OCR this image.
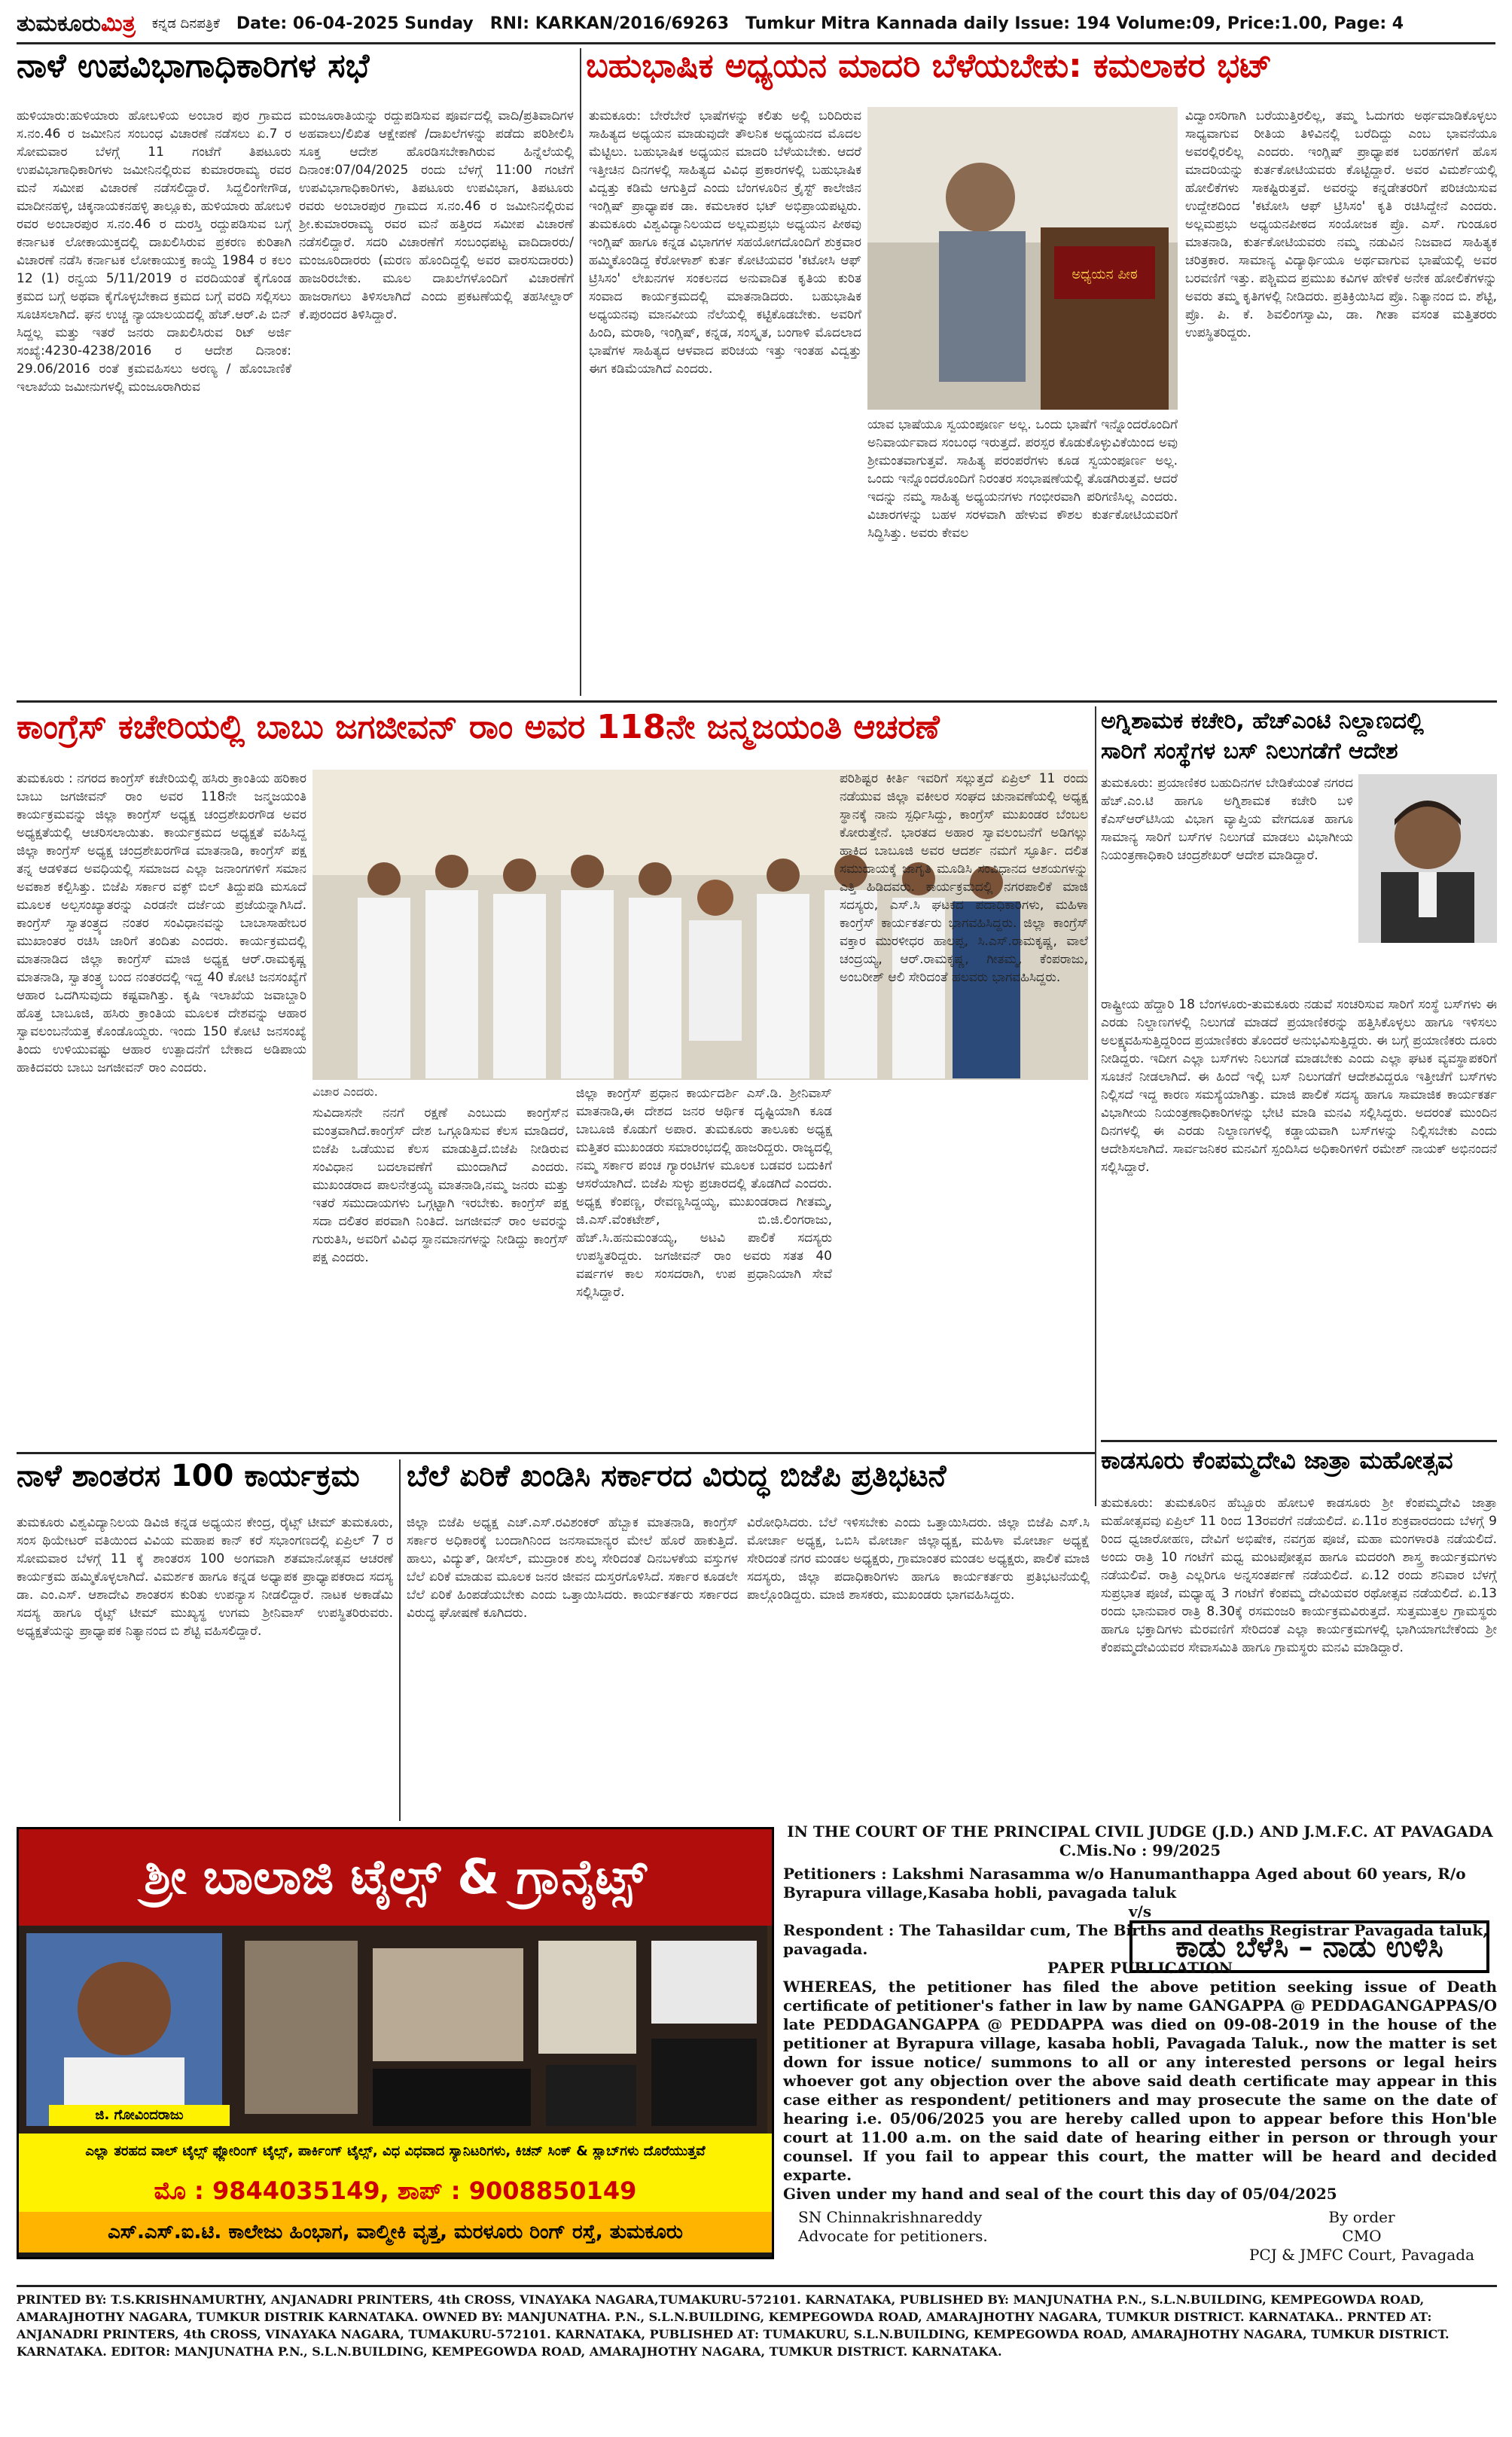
ತುಮಕೂರುಮಿತ್ರ ಕನ್ನಡ ದಿನಪತ್ರಿಕೆ Date: 06-04-2025 Sunday RNI: KARKAN/2016/69263 Tumkur Mitra Kannada daily Issue: 194 Volume:09, Price:1.00, Page: 4
ನಾಳೆ ಉಪವಿಭಾಗಾಧಿಕಾರಿಗಳ ಸಭೆ
ಹುಳಿಯಾರು:ಹುಳಿಯಾರು ಹೋಬಳಿಯ ಅಂಬಾರ ಪುರ ಗ್ರಾಮದ ಸ.ನಂ.46 ರ ಜಮೀನಿನ ಸಂಬಂಧ ವಿಚಾರಣೆ ನಡೆಸಲು ಏ.7 ರ ಸೋಮವಾರ ಬೆಳಗ್ಗೆ 11 ಗಂಟೆಗೆ ತಿಪಟೂರು ಉಪವಿಭಾಗಾಧಿಕಾರಿಗಳು ಜಮೀನಿನಲ್ಲಿರುವ ಕುಮಾರರಾಮ್ಯ ರವರ ಮನೆ ಸಮೀಪ ವಿಚಾರಣೆ ನಡೆಸಲಿದ್ದಾರೆ. ಸಿದ್ದಲಿಂಗೇಗೌಡ, ಮಾದೀನಹಳ್ಳಿ, ಚಿಕ್ಕನಾಯಕನಹಳ್ಳಿ ತಾಲ್ಲೂಕು, ಹುಳಿಯಾರು ಹೋಬಳಿ ರವರ ಅಂಬಾರಪುರ ಸ.ನಂ.46 ರ ದುರಸ್ತಿ ರದ್ದುಪಡಿಸುವ ಬಗ್ಗೆ ಕರ್ನಾಟಕ ಲೋಕಾಯುಕ್ತದಲ್ಲಿ ದಾಖಲಿಸಿರುವ ಪ್ರಕರಣ ಕುರಿತಾಗಿ ವಿಚಾರಣೆ ನಡೆಸಿ ಕರ್ನಾಟಕ ಲೋಕಾಯುಕ್ತ ಕಾಯ್ದೆ 1984 ರ ಕಲಂ 12 (1) ರನ್ವಯ 5/11/2019 ರ ವರದಿಯಂತೆ ಕೈಗೊಂಡ ಕ್ರಮದ ಬಗ್ಗೆ ಅಥವಾ ಕೈಗೊಳ್ಳಬೇಕಾದ ಕ್ರಮದ ಬಗ್ಗೆ ವರದಿ ಸಲ್ಲಿಸಲು ಸೂಚಿಸಲಾಗಿದೆ. ಘನ ಉಚ್ಚ ನ್ಯಾಯಾಲಯದಲ್ಲಿ ಹೆಚ್.ಆರ್.ಪಿ ಬಿನ್ ಸಿದ್ದಲ್ಲ ಮತ್ತು ಇತರೆ ಜನರು ದಾಖಲಿಸಿರುವ ರಿಟ್ ಅರ್ಜಿ ಸಂಖ್ಯೆ:4230-4238/2016 ರ ಆದೇಶ ದಿನಾಂಕ: 29.06/2016 ರಂತೆ ಕ್ರಮವಹಿಸಲು ಅರಣ್ಯ / ಹೊಂಬಾಣಿಕೆ ಇಲಾಖೆಯ ಜಮೀನುಗಳಲ್ಲಿ ಮಂಜೂರಾಗಿರುವ
ಮಂಜೂರಾತಿಯನ್ನು ರದ್ದುಪಡಿಸುವ ಪೂರ್ವದಲ್ಲಿ ವಾದಿ/ಪ್ರತಿವಾದಿಗಳ ಅಹವಾಲು/ಲಿಖಿತ ಆಕ್ಷೇಪಣೆ /ದಾಖಲೆಗಳನ್ನು ಪಡೆದು ಪರಿಶೀಲಿಸಿ ಸೂಕ್ತ ಆದೇಶ ಹೊರಡಿಸಬೇಕಾಗಿರುವ ಹಿನ್ನೆಲೆಯಲ್ಲಿ ದಿನಾಂಕ:07/04/2025 ರಂದು ಬೆಳಗ್ಗೆ 11:00 ಗಂಟೆಗೆ ಉಪವಿಭಾಗಾಧಿಕಾರಿಗಳು, ತಿಪಟೂರು ಉಪವಿಭಾಗ, ತಿಪಟೂರು ರವರು ಅಂಬಾರಪುರ ಗ್ರಾಮದ ಸ.ನಂ.46 ರ ಜಮೀನಿನಲ್ಲಿರುವ ಶ್ರೀ.ಕುಮಾರರಾಮ್ಯ ರವರ ಮನೆ ಹತ್ತಿರದ ಸಮೀಪ ವಿಚಾರಣೆ ನಡೆಸಲಿದ್ದಾರೆ. ಸದರಿ ವಿಚಾರಣೆಗೆ ಸಂಬಂಧಪಟ್ಟ ವಾದಿದಾರರು/ಮಂಜೂರಿದಾರರು (ಮರಣ ಹೊಂದಿದ್ದಲ್ಲಿ ಅವರ ವಾರಸುದಾರರು) ಹಾಜರಿರಬೇಕು. ಮೂಲ ದಾಖಲೆಗಳೊಂದಿಗೆ ವಿಚಾರಣೆಗೆ ಹಾಜರಾಗಲು ತಿಳಿಸಲಾಗಿದೆ ಎಂದು ಪ್ರಕಟಣೆಯಲ್ಲಿ ತಹಸೀಲ್ದಾರ್ ಕೆ.ಪುರಂದರ ತಿಳಿಸಿದ್ದಾರೆ.
ಬಹುಭಾಷಿಕ ಅಧ್ಯಯನ ಮಾದರಿ ಬೆಳೆಯಬೇಕು: ಕಮಲಾಕರ ಭಟ್
ತುಮಕೂರು: ಬೇರೆಬೇರೆ ಭಾಷೆಗಳನ್ನು ಕಲಿತು ಅಲ್ಲಿ ಬರಿದಿರುವ ಸಾಹಿತ್ಯದ ಅಧ್ಯಯನ ಮಾಡುವುದೇ ತೌಲನಿಕ ಅಧ್ಯಯನದ ಮೊದಲ ಮೆಟ್ಟಿಲು. ಬಹುಭಾಷಿಕ ಅಧ್ಯಯನ ಮಾದರಿ ಬೆಳೆಯಬೇಕು. ಆದರೆ ಇತ್ತೀಚಿನ ದಿನಗಳಲ್ಲಿ ಸಾಹಿತ್ಯದ ವಿವಿಧ ಪ್ರಕಾರಗಳಲ್ಲಿ ಬಹುಭಾಷಿಕ ವಿದ್ವತ್ತು ಕಡಿಮೆ ಆಗುತ್ತಿದೆ ಎಂದು ಬೆಂಗಳೂರಿನ ಕ್ರೈಸ್ಟ್ ಕಾಲೇಜಿನ ಇಂಗ್ಲಿಷ್ ಪ್ರಾಧ್ಯಾಪಕ ಡಾ. ಕಮಲಾಕರ ಭಟ್ ಅಭಿಪ್ರಾಯಪಟ್ಟರು. ತುಮಕೂರು ವಿಶ್ವವಿದ್ಯಾನಿಲಯದ ಅಲ್ಲಮಪ್ರಭು ಅಧ್ಯಯನ ಪೀಠವು ಇಂಗ್ಲಿಷ್ ಹಾಗೂ ಕನ್ನಡ ವಿಭಾಗಗಳ ಸಹಯೋಗದೊಂದಿಗೆ ಶುಕ್ರವಾರ ಹಮ್ಮಿಕೊಂಡಿದ್ದ ಕೆರೋಳಾಶ್ ಕುರ್ತ ಕೋಟಿಯವರ 'ಕಟೋಸಿ ಆಫ್ ಟ್ರಿಸಿಸಂ' ಲೇಖನಗಳ ಸಂಕಲನದ ಅನುವಾದಿತ ಕೃತಿಯ ಕುರಿತ ಸಂವಾದ ಕಾರ್ಯಕ್ರಮದಲ್ಲಿ ಮಾತನಾಡಿದರು. ಬಹುಭಾಷಿಕ ಅಧ್ಯಯನವು ಮಾನವೀಯ ನೆಲೆಯಲ್ಲಿ ಕಟ್ಟಿಕೊಡಬೇಕು. ಅವರಿಗೆ ಹಿಂದಿ, ಮರಾಠಿ, ಇಂಗ್ಲಿಷ್, ಕನ್ನಡ, ಸಂಸ್ಕೃತ, ಬಂಗಾಳಿ ಮೊದಲಾದ ಭಾಷೆಗಳ ಸಾಹಿತ್ಯದ ಆಳವಾದ ಪರಿಚಯ ಇತ್ತು ಇಂತಹ ವಿದ್ವತ್ತು ಈಗ ಕಡಿಮೆಯಾಗಿದೆ ಎಂದರು.
ಅಧ್ಯಯನ ಪೀಠ
ಯಾವ ಭಾಷೆಯೂ ಸ್ವಯಂಪೂರ್ಣ ಅಲ್ಲ. ಒಂದು ಭಾಷೆಗೆ ಇನ್ನೊಂದರೊಂದಿಗೆ ಅನಿವಾರ್ಯವಾದ ಸಂಬಂಧ ಇರುತ್ತದೆ. ಪರಸ್ಪರ ಕೊಡುಕೊಳ್ಳುವಿಕೆಯಿಂದ ಅವು ಶ್ರೀಮಂತವಾಗುತ್ತವೆ. ಸಾಹಿತ್ಯ ಪರಂಪರೆಗಳು ಕೂಡ ಸ್ವಯಂಪೂರ್ಣ ಅಲ್ಲ. ಒಂದು ಇನ್ನೊಂದರೊಂದಿಗೆ ನಿರಂತರ ಸಂಭಾಷಣೆಯಲ್ಲಿ ತೊಡಗಿರುತ್ತವೆ. ಆದರೆ ಇದನ್ನು ನಮ್ಮ ಸಾಹಿತ್ಯ ಅಧ್ಯಯನಗಳು ಗಂಭೀರವಾಗಿ ಪರಿಗಣಿಸಿಲ್ಲ ಎಂದರು. ವಿಚಾರಗಳನ್ನು ಬಹಳ ಸರಳವಾಗಿ ಹೇಳುವ ಕೌಶಲ ಕುರ್ತಕೋಟಿಯವರಿಗೆ ಸಿದ್ಧಿಸಿತ್ತು. ಅವರು ಕೇವಲ
ವಿದ್ವಾಂಸರಿಗಾಗಿ ಬರೆಯುತ್ತಿರಲಿಲ್ಲ, ತಮ್ಮ ಓದುಗರು ಅರ್ಥಮಾಡಿಕೊಳ್ಳಲು ಸಾಧ್ಯವಾಗುವ ರೀತಿಯ ತಿಳಿವಿನಲ್ಲಿ ಬರೆದಿದ್ದು ಎಂಬ ಭಾವನೆಯೂ ಅವರಲ್ಲಿರಲಿಲ್ಲ ಎಂದರು. ಇಂಗ್ಲಿಷ್ ಪ್ರಾಧ್ಯಾಪಕ ಬರಹಗಳಿಗೆ ಹೊಸ ಮಾದರಿಯನ್ನು ಕುರ್ತಕೋಟಿಯವರು ಕೊಟ್ಟಿದ್ದಾರೆ. ಅವರ ವಿಮರ್ಶೆಯಲ್ಲಿ ಹೋಲಿಕೆಗಳು ಸಾಕಷ್ಟಿರುತ್ತವೆ. ಅವರನ್ನು ಕನ್ನಡೇತರರಿಗೆ ಪರಿಚಯಿಸುವ ಉದ್ದೇಶದಿಂದ 'ಕಟೋಸಿ ಆಫ್ ಟ್ರಿಸಿಸಂ' ಕೃತಿ ರಚಿಸಿದ್ದೇನೆ ಎಂದರು. ಅಲ್ಲಮಪ್ರಭು ಅಧ್ಯಯನಪೀಠದ ಸಂಯೋಜಕ ಪ್ರೊ. ಎಸ್. ಗುಂಡೂರ ಮಾತನಾಡಿ, ಕುರ್ತಕೋಟಿಯವರು ನಮ್ಮ ನಡುವಿನ ನಿಜವಾದ ಸಾಹಿತ್ಯಕ ಚರಿತ್ರಕಾರ. ಸಾಮಾನ್ಯ ವಿದ್ಯಾರ್ಥಿಯೂ ಅರ್ಥವಾಗುವ ಭಾಷೆಯಲ್ಲಿ ಅವರ ಬರವಣಿಗೆ ಇತ್ತು. ಪಶ್ಚಿಮದ ಪ್ರಮುಖ ಕವಿಗಳ ಹೇಳಿಕೆ ಅನೇಕ ಹೋಲಿಕೆಗಳನ್ನು ಅವರು ತಮ್ಮ ಕೃತಿಗಳಲ್ಲಿ ನೀಡಿದರು. ಪ್ರತಿಕ್ರಿಯಿಸಿದ ಪ್ರೊ. ನಿತ್ಯಾನಂದ ಬಿ. ಶೆಟ್ಟಿ, ಪ್ರೊ. ಪಿ. ಕೆ. ಶಿವಲಿಂಗಸ್ವಾಮಿ, ಡಾ. ಗೀತಾ ವಸಂತ ಮತ್ತಿತರರು ಉಪಸ್ಥಿತರಿದ್ದರು.
ಕಾಂಗ್ರೆಸ್ ಕಚೇರಿಯಲ್ಲಿ ಬಾಬು ಜಗಜೀವನ್ ರಾಂ ಅವರ 118ನೇ ಜನ್ಮಜಯಂತಿ ಆಚರಣೆ
ತುಮಕೂರು : ನಗರದ ಕಾಂಗ್ರೆಸ್ ಕಚೇರಿಯಲ್ಲಿ ಹಸಿರು ಕ್ರಾಂತಿಯ ಹರಿಕಾರ ಬಾಬು ಜಗಜೀವನ್ ರಾಂ ಅವರ 118ನೇ ಜನ್ಮಜಯಂತಿ ಕಾರ್ಯಕ್ರಮವನ್ನು ಜಿಲ್ಲಾ ಕಾಂಗ್ರೆಸ್ ಅಧ್ಯಕ್ಷ ಚಂದ್ರಶೇಖರಗೌಡ ಅವರ ಅಧ್ಯಕ್ಷತೆಯಲ್ಲಿ ಆಚರಿಸಲಾಯಿತು. ಕಾರ್ಯಕ್ರಮದ ಅಧ್ಯಕ್ಷತೆ ವಹಿಸಿದ್ದ ಜಿಲ್ಲಾ ಕಾಂಗ್ರೆಸ್ ಅಧ್ಯಕ್ಷ ಚಂದ್ರಶೇಖರಗೌಡ ಮಾತನಾಡಿ, ಕಾಂಗ್ರೆಸ್ ಪಕ್ಷ ತನ್ನ ಆಡಳಿತದ ಅವಧಿಯಲ್ಲಿ ಸಮಾಜದ ಎಲ್ಲಾ ಜನಾಂಗಗಳಿಗೆ ಸಮಾನ ಅವಕಾಶ ಕಲ್ಪಿಸಿತ್ತು. ಬಿಜೆಪಿ ಸರ್ಕಾರ ವಕ್ಫ್ ಬಿಲ್ ತಿದ್ದುಪಡಿ ಮಸೂದೆ ಮೂಲಕ ಅಲ್ಪಸಂಖ್ಯಾತರನ್ನು ಎರಡನೇ ದರ್ಜೆಯ ಪ್ರಜೆಯನ್ನಾಗಿಸಿದೆ. ಕಾಂಗ್ರೆಸ್ ಸ್ವಾತಂತ್ರ್ಯದ ನಂತರ ಸಂವಿಧಾನವನ್ನು ಬಾಬಾಸಾಹೇಬರ ಮುಖಾಂತರ ರಚಿಸಿ ಜಾರಿಗೆ ತಂದಿತು ಎಂದರು. ಕಾರ್ಯಕ್ರಮದಲ್ಲಿ ಮಾತನಾಡಿದ ಜಿಲ್ಲಾ ಕಾಂಗ್ರೆಸ್ ಮಾಜಿ ಅಧ್ಯಕ್ಷ ಆರ್.ರಾಮಕೃಷ್ಣ ಮಾತನಾಡಿ, ಸ್ವಾತಂತ್ರ್ಯ ಬಂದ ನಂತರದಲ್ಲಿ ಇದ್ದ 40 ಕೋಟಿ ಜನಸಂಖ್ಯೆಗೆ ಆಹಾರ ಒದಗಿಸುವುದು ಕಷ್ಟವಾಗಿತ್ತು. ಕೃಷಿ ಇಲಾಖೆಯ ಜವಾಬ್ದಾರಿ ಹೊತ್ತ ಬಾಬೂಜಿ, ಹಸಿರು ಕ್ರಾಂತಿಯ ಮೂಲಕ ದೇಶವನ್ನು ಆಹಾರ ಸ್ವಾವಲಂಬನೆಯತ್ತ ಕೊಂಡೊಯ್ದರು. ಇಂದು 150 ಕೋಟಿ ಜನಸಂಖ್ಯೆ ತಿಂದು ಉಳಿಯುವಷ್ಟು ಆಹಾರ ಉತ್ಪಾದನೆಗೆ ಬೇಕಾದ ಅಡಿಪಾಯ ಹಾಕಿದವರು ಬಾಬು ಜಗಜೀವನ್ ರಾಂ ಎಂದರು.
ವಿಚಾರ ಎಂದರು.
ಸುವಿದಾಸನೇ ನನಗೆ ರಕ್ಷಣೆ ಎಂಬುದು ಕಾಂಗ್ರೆಸ್‌ನ ಮಂತ್ರವಾಗಿದೆ.ಕಾಂಗ್ರೆಸ್ ದೇಶ ಒಗ್ಗೂಡಿಸುವ ಕೆಲಸ ಮಾಡಿದರೆ, ಬಿಜೆಪಿ ಒಡೆಯುವ ಕೆಲಸ ಮಾಡುತ್ತಿದೆ.ಬಿಜೆಪಿ ನೀಡಿರುವ ಸಂವಿಧಾನ ಬದಲಾವಣೆಗೆ ಮುಂದಾಗಿದೆ ಎಂದರು. ಮುಖಂಡರಾದ ಪಾಲನೇತ್ರಯ್ಯ ಮಾತನಾಡಿ,ನಮ್ಮ ಜನರು ಮತ್ತು ಇತರೆ ಸಮುದಾಯಗಳು ಒಗ್ಗಟ್ಟಾಗಿ ಇರಬೇಕು. ಕಾಂಗ್ರೆಸ್ ಪಕ್ಷ ಸದಾ ದಲಿತರ ಪರವಾಗಿ ನಿಂತಿದೆ. ಜಗಜೀವನ್ ರಾಂ ಅವರನ್ನು ಗುರುತಿಸಿ, ಅವರಿಗೆ ವಿವಿಧ ಸ್ಥಾನಮಾನಗಳನ್ನು ನೀಡಿದ್ದು ಕಾಂಗ್ರೆಸ್ ಪಕ್ಷ ಎಂದರು.
ಜಿಲ್ಲಾ ಕಾಂಗ್ರೆಸ್ ಪ್ರಧಾನ ಕಾರ್ಯದರ್ಶಿ ಎಸ್.ಡಿ. ಶ್ರೀನಿವಾಸ್ ಮಾತನಾಡಿ,ಈ ದೇಶದ ಜನರ ಆರ್ಥಿಕ ದೃಷ್ಟಿಯಾಗಿ ಕೂಡ ಬಾಬೂಜಿ ಕೊಡುಗೆ ಅಪಾರ. ತುಮಕೂರು ತಾಲೂಕು ಅಧ್ಯಕ್ಷ ಮತ್ತಿತರ ಮುಖಂಡರು ಸಮಾರಂಭದಲ್ಲಿ ಹಾಜರಿದ್ದರು. ರಾಜ್ಯದಲ್ಲಿ ನಮ್ಮ ಸರ್ಕಾರ ಪಂಚ ಗ್ಯಾರಂಟಿಗಳ ಮೂಲಕ ಬಡವರ ಬದುಕಿಗೆ ಆಸರೆಯಾಗಿದೆ. ಬಿಜೆಪಿ ಸುಳ್ಳು ಪ್ರಚಾರದಲ್ಲಿ ತೊಡಗಿದೆ ಎಂದರು. ಅಧ್ಯಕ್ಷ ಕೆಂಪಣ್ಣ, ರೇವಣ್ಣಸಿದ್ದಯ್ಯ, ಮುಖಂಡರಾದ ಗೀತಮ್ಮ, ಜಿ.ಎಸ್.ವೆಂಕಟೇಶ್, ಬಿ.ಜಿ.ಲಿಂಗರಾಜು, ಹೆಚ್.ಸಿ.ಹನುಮಂತಯ್ಯ, ಅಟವಿ ಪಾಲಿಕೆ ಸದಸ್ಯರು ಉಪಸ್ಥಿತರಿದ್ದರು. ಜಗಜೀವನ್ ರಾಂ ಅವರು ಸತತ 40 ವರ್ಷಗಳ ಕಾಲ ಸಂಸದರಾಗಿ, ಉಪ ಪ್ರಧಾನಿಯಾಗಿ ಸೇವೆ ಸಲ್ಲಿಸಿದ್ದಾರೆ.
ಪರಿಶಿಷ್ಟರ ಕೀರ್ತಿ ಇವರಿಗೆ ಸಲ್ಲುತ್ತದೆ ಏಪ್ರಿಲ್ 11 ರಂದು ನಡೆಯುವ ಜಿಲ್ಲಾ ವಕೀಲರ ಸಂಘದ ಚುನಾವಣೆಯಲ್ಲಿ ಅಧ್ಯಕ್ಷ ಸ್ಥಾನಕ್ಕೆ ನಾನು ಸ್ಪರ್ಧಿಸಿದ್ದು, ಕಾಂಗ್ರೆಸ್ ಮುಖಂಡರ ಬೆಂಬಲ ಕೋರುತ್ತೇನೆ. ಭಾರತದ ಅಹಾರ ಸ್ವಾವಲಂಬನೆಗೆ ಅಡಿಗಲ್ಲು ಹಾಕಿದ ಬಾಬೂಜಿ ಅವರ ಆದರ್ಶ ನಮಗೆ ಸ್ಫೂರ್ತಿ. ದಲಿತ ಸಮುದಾಯಕ್ಕೆ ಜಾಗೃತಿ ಮೂಡಿಸಿ ಸಂವಿಧಾನದ ಆಶಯಗಳನ್ನು ಎತ್ತಿ ಹಿಡಿದವರು. ಕಾರ್ಯಕ್ರಮದಲ್ಲಿ ನಗರಪಾಲಿಕೆ ಮಾಜಿ ಸದಸ್ಯರು, ಎಸ್.ಸಿ ಘಟಕದ ಪದಾಧಿಕಾರಿಗಳು, ಮಹಿಳಾ ಕಾಂಗ್ರೆಸ್ ಕಾರ್ಯಕರ್ತರು ಭಾಗವಹಿಸಿದ್ದರು. ಜಿಲ್ಲಾ ಕಾಂಗ್ರೆಸ್ ವಕ್ತಾರ ಮುರಳೀಧರ ಹಾಲಪ್ಪ, ಸಿ.ಎಸ್.ರಾಮಕೃಷ್ಣ, ವಾಲೆ ಚಂದ್ರಯ್ಯ, ಆರ್.ರಾಮಕೃಷ್ಣ, ಗೀತಮ್ಮ, ಕೆಂಪರಾಜು, ಅಂಬರೀಶ್ ಆಲಿ ಸೇರಿದಂತೆ ಹಲವರು ಭಾಗವಹಿಸಿದ್ದರು.
ಅಗ್ನಿಶಾಮಕ ಕಚೇರಿ, ಹೆಚ್‌ಎಂಟಿ ನಿಲ್ದಾಣದಲ್ಲಿ
ಸಾರಿಗೆ ಸಂಸ್ಥೆಗಳ ಬಸ್ ನಿಲುಗಡೆಗೆ ಆದೇಶ
ತುಮಕೂರು: ಪ್ರಯಾಣಿಕರ ಬಹುದಿನಗಳ ಬೇಡಿಕೆಯಂತೆ ನಗರದ ಹೆಚ್.ಎಂ.ಟಿ ಹಾಗೂ ಅಗ್ನಿಶಾಮಕ ಕಚೇರಿ ಬಳಿ ಕೆಎಸ್‌ಆರ್‌ಟಿಸಿಯ ವಿಭಾಗ ವ್ಯಾಪ್ತಿಯ ವೇಗದೂತ ಹಾಗೂ ಸಾಮಾನ್ಯ ಸಾರಿಗೆ ಬಸ್‌ಗಳ ನಿಲುಗಡೆ ಮಾಡಲು ವಿಭಾಗೀಯ ನಿಯಂತ್ರಣಾಧಿಕಾರಿ ಚಂದ್ರಶೇಖರ್ ಆದೇಶ ಮಾಡಿದ್ದಾರೆ.
ರಾಷ್ಟ್ರೀಯ ಹೆದ್ದಾರಿ 18 ಬೆಂಗಳೂರು-ತುಮಕೂರು ನಡುವೆ ಸಂಚರಿಸುವ ಸಾರಿಗೆ ಸಂಸ್ಥೆ ಬಸ್‌ಗಳು ಈ ಎರಡು ನಿಲ್ದಾಣಗಳಲ್ಲಿ ನಿಲುಗಡೆ ಮಾಡದೆ ಪ್ರಯಾಣಿಕರನ್ನು ಹತ್ತಿಸಿಕೊಳ್ಳಲು ಹಾಗೂ ಇಳಿಸಲು ಅಲಕ್ಷ್ಯವಹಿಸುತ್ತಿದ್ದರಿಂದ ಪ್ರಯಾಣಿಕರು ತೊಂದರೆ ಅನುಭವಿಸುತ್ತಿದ್ದರು. ಈ ಬಗ್ಗೆ ಪ್ರಯಾಣಿಕರು ದೂರು ನೀಡಿದ್ದರು. ಇದೀಗ ಎಲ್ಲಾ ಬಸ್‌ಗಳು ನಿಲುಗಡೆ ಮಾಡಬೇಕು ಎಂದು ಎಲ್ಲಾ ಘಟಕ ವ್ಯವಸ್ಥಾಪಕರಿಗೆ ಸೂಚನೆ ನೀಡಲಾಗಿದೆ. ಈ ಹಿಂದೆ ಇಲ್ಲಿ ಬಸ್ ನಿಲುಗಡೆಗೆ ಆದೇಶವಿದ್ದರೂ ಇತ್ತೀಚೆಗೆ ಬಸ್‌ಗಳು ನಿಲ್ಲಿಸದೆ ಇದ್ದ ಕಾರಣ ಸಮಸ್ಯೆಯಾಗಿತ್ತು. ಮಾಜಿ ಪಾಲಿಕೆ ಸದಸ್ಯ ಹಾಗೂ ಸಾಮಾಜಿಕ ಕಾರ್ಯಕರ್ತ ವಿಭಾಗೀಯ ನಿಯಂತ್ರಣಾಧಿಕಾರಿಗಳನ್ನು ಭೇಟಿ ಮಾಡಿ ಮನವಿ ಸಲ್ಲಿಸಿದ್ದರು. ಅದರಂತೆ ಮುಂದಿನ ದಿನಗಳಲ್ಲಿ ಈ ಎರಡು ನಿಲ್ದಾಣಗಳಲ್ಲಿ ಕಡ್ಡಾಯವಾಗಿ ಬಸ್‌ಗಳನ್ನು ನಿಲ್ಲಿಸಬೇಕು ಎಂದು ಆದೇಶಿಸಲಾಗಿದೆ. ಸಾರ್ವಜನಿಕರ ಮನವಿಗೆ ಸ್ಪಂದಿಸಿದ ಅಧಿಕಾರಿಗಳಿಗೆ ರಮೇಶ್ ನಾಯಕ್ ಅಭಿನಂದನೆ ಸಲ್ಲಿಸಿದ್ದಾರೆ.
ಕಾಡಸೂರು ಕೆಂಪಮ್ಮದೇವಿ ಜಾತ್ರಾ ಮಹೋತ್ಸವ
ತುಮಕೂರು: ತುಮಕೂರಿನ ಹೆಬ್ಬೂರು ಹೋಬಳಿ ಕಾಡಸೂರು ಶ್ರೀ ಕೆಂಪಮ್ಮದೇವಿ ಜಾತ್ರಾ ಮಹೋತ್ಸವವು ಏಪ್ರಿಲ್ 11 ರಿಂದ 13ರವರೆಗೆ ನಡೆಯಲಿದೆ. ಏ.11ರ ಶುಕ್ರವಾರದಂದು ಬೆಳಗ್ಗೆ 9 ರಿಂದ ಧ್ವಜಾರೋಹಣ, ದೇವಿಗೆ ಅಭಿಷೇಕ, ನವಗ್ರಹ ಪೂಜೆ, ಮಹಾ ಮಂಗಳಾರತಿ ನಡೆಯಲಿದೆ. ಅಂದು ರಾತ್ರಿ 10 ಗಂಟೆಗೆ ಮಧ್ವ ಮಂಟಪೋತ್ಸವ ಹಾಗೂ ಮದರಂಗಿ ಶಾಸ್ತ್ರ ಕಾರ್ಯಕ್ರಮಗಳು ನಡೆಯಲಿವೆ. ರಾತ್ರಿ ಎಲ್ಲರಿಗೂ ಅನ್ನಸಂತರ್ಪಣೆ ನಡೆಯಲಿದೆ. ಏ.12 ರಂದು ಶನಿವಾರ ಬೆಳಗ್ಗೆ ಸುಪ್ರಭಾತ ಪೂಜೆ, ಮಧ್ಯಾಹ್ನ 3 ಗಂಟೆಗೆ ಕೆಂಪಮ್ಮ ದೇವಿಯವರ ರಥೋತ್ಸವ ನಡೆಯಲಿದೆ. ಏ.13 ರಂದು ಭಾನುವಾರ ರಾತ್ರಿ 8.30ಕ್ಕೆ ರಸಮಂಜರಿ ಕಾರ್ಯಕ್ರಮವಿರುತ್ತದೆ. ಸುತ್ತಮುತ್ತಲ ಗ್ರಾಮಸ್ಥರು ಹಾಗೂ ಭಕ್ತಾದಿಗಳು ಮೆರವಣಿಗೆ ಸೇರಿದಂತೆ ಎಲ್ಲಾ ಕಾರ್ಯಕ್ರಮಗಳಲ್ಲಿ ಭಾಗಿಯಾಗಬೇಕೆಂದು ಶ್ರೀ ಕೆಂಪಮ್ಮದೇವಿಯವರ ಸೇವಾಸಮಿತಿ ಹಾಗೂ ಗ್ರಾಮಸ್ಥರು ಮನವಿ ಮಾಡಿದ್ದಾರೆ.
ನಾಳೆ ಶಾಂತರಸ 100 ಕಾರ್ಯಕ್ರಮ
ತುಮಕೂರು ವಿಶ್ವವಿದ್ಯಾನಿಲಯ ಡಿವಿಜಿ ಕನ್ನಡ ಅಧ್ಯಯನ ಕೇಂದ್ರ, ರೈಟ್ಸ್ ಟೀಮ್ ತುಮಕೂರು, ಸಂಸ ಥಿಯೇಟರ್ ವತಿಯಿಂದ ವಿವಿಯ ಮಹಾಪ ಕಾನ್ ಕರೆ ಸಭಾಂಗಣದಲ್ಲಿ ಏಪ್ರಿಲ್ 7 ರ ಸೋಮವಾರ ಬೆಳಗ್ಗೆ 11 ಕ್ಕೆ ಶಾಂತರಸ 100 ಅಂಗವಾಗಿ ಶತಮಾನೋತ್ಸವ ಆಚರಣೆ ಕಾರ್ಯಕ್ರಮ ಹಮ್ಮಿಕೊಳ್ಳಲಾಗಿದೆ. ವಿಮರ್ಶಕ ಹಾಗೂ ಕನ್ನಡ ಅಧ್ಯಾಪಕ ಪ್ರಾಧ್ಯಾಪಕರಾದ ಸದಸ್ಯ ಡಾ. ಎಂ.ಎಸ್. ಆಶಾದೇವಿ ಶಾಂತರಸ ಕುರಿತು ಉಪನ್ಯಾಸ ನೀಡಲಿದ್ದಾರೆ. ನಾಟಕ ಅಕಾಡೆಮಿ ಸದಸ್ಯ ಹಾಗೂ ರೈಟ್ಸ್ ಟೀಮ್ ಮುಖ್ಯಸ್ಥ ಉಗಮ ಶ್ರೀನಿವಾಸ್ ಉಪಸ್ಥಿತರಿರುವರು. ಅಧ್ಯಕ್ಷತೆಯನ್ನು ಪ್ರಾಧ್ಯಾಪಕ ನಿತ್ಯಾನಂದ ಬಿ ಶೆಟ್ಟಿ ವಹಿಸಲಿದ್ದಾರೆ.
ಬೆಲೆ ಏರಿಕೆ ಖಂಡಿಸಿ ಸರ್ಕಾರದ ವಿರುದ್ಧ ಬಿಜೆಪಿ ಪ್ರತಿಭಟನೆ
ಜಿಲ್ಲಾ ಬಿಜೆಪಿ ಅಧ್ಯಕ್ಷ ಎಚ್.ಎಸ್.ರವಿಶಂಕರ್ ಹೆಬ್ಬಾಕ ಮಾತನಾಡಿ, ಕಾಂಗ್ರೆಸ್ ಸರ್ಕಾರ ಅಧಿಕಾರಕ್ಕೆ ಬಂದಾಗಿನಿಂದ ಜನಸಾಮಾನ್ಯರ ಮೇಲೆ ಹೊರೆ ಹಾಕುತ್ತಿದೆ. ಹಾಲು, ವಿದ್ಯುತ್, ಡೀಸೆಲ್, ಮುದ್ರಾಂಕ ಶುಲ್ಕ ಸೇರಿದಂತೆ ದಿನಬಳಕೆಯ ವಸ್ತುಗಳ ಬೆಲೆ ಏರಿಕೆ ಮಾಡುವ ಮೂಲಕ ಜನರ ಜೀವನ ದುಸ್ತರಗೊಳಿಸಿದೆ. ಸರ್ಕಾರ ಕೂಡಲೇ ಬೆಲೆ ಏರಿಕೆ ಹಿಂಪಡೆಯಬೇಕು ಎಂದು ಒತ್ತಾಯಿಸಿದರು. ಕಾರ್ಯಕರ್ತರು ಸರ್ಕಾರದ ವಿರುದ್ಧ ಘೋಷಣೆ ಕೂಗಿದರು.
ವಿರೋಧಿಸಿದರು. ಬೆಲೆ ಇಳಿಸಬೇಕು ಎಂದು ಒತ್ತಾಯಿಸಿದರು. ಜಿಲ್ಲಾ ಬಿಜೆಪಿ ಎಸ್.ಸಿ ಮೋರ್ಚಾ ಅಧ್ಯಕ್ಷ, ಒಬಿಸಿ ಮೋರ್ಚಾ ಜಿಲ್ಲಾಧ್ಯಕ್ಷ, ಮಹಿಳಾ ಮೋರ್ಚಾ ಅಧ್ಯಕ್ಷೆ ಸೇರಿದಂತೆ ನಗರ ಮಂಡಲ ಅಧ್ಯಕ್ಷರು, ಗ್ರಾಮಾಂತರ ಮಂಡಲ ಅಧ್ಯಕ್ಷರು, ಪಾಲಿಕೆ ಮಾಜಿ ಸದಸ್ಯರು, ಜಿಲ್ಲಾ ಪದಾಧಿಕಾರಿಗಳು ಹಾಗೂ ಕಾರ್ಯಕರ್ತರು ಪ್ರತಿಭಟನೆಯಲ್ಲಿ ಪಾಲ್ಗೊಂಡಿದ್ದರು. ಮಾಜಿ ಶಾಸಕರು, ಮುಖಂಡರು ಭಾಗವಹಿಸಿದ್ದರು.
ಕಾಡು ಬೆಳೆಸಿ – ನಾಡು ಉಳಿಸಿ
ಶ್ರೀ ಬಾಲಾಜಿ ಟೈಲ್ಸ್ & ಗ್ರಾನೈಟ್ಸ್
ಜಿ. ಗೋವಿಂದರಾಜು
ಎಲ್ಲಾ ತರಹದ ವಾಲ್ ಟೈಲ್ಸ್ ಫ್ಲೋರಿಂಗ್ ಟೈಲ್ಸ್, ಪಾರ್ಕಿಂಗ್ ಟೈಲ್ಸ್, ವಿಧ ವಿಧವಾದ ಸ್ಯಾನಿಟರಿಗಳು, ಕಿಚನ್ ಸಿಂಕ್ & ಸ್ಲಾಬ್‌ಗಳು ದೊರೆಯುತ್ತವೆ
ಮೊ : 9844035149, ಶಾಪ್ : 9008850149
ಎಸ್.ಎಸ್.ಐ.ಟಿ. ಕಾಲೇಜು ಹಿಂಭಾಗ, ವಾಲ್ಮೀಕಿ ವೃತ್ತ, ಮರಳೂರು ರಿಂಗ್ ರಸ್ತೆ, ತುಮಕೂರು
IN THE COURT OF THE PRINCIPAL CIVIL JUDGE (J.D.) AND J.M.F.C. AT PAVAGADA
C.Mis.No : 99/2025
Petitioners : Lakshmi Narasamma w/o Hanumanthappa Aged about 60 years, R/o Byrapura village,Kasaba hobli, pavagada taluk
v/s
Respondent : The Tahasildar cum, The Births and deaths Registrar Pavagada taluk, pavagada.
PAPER PUBLICATION
WHEREAS, the petitioner has filed the above petition seeking issue of Death certificate of petitioner's father in law by name GANGAPPA @ PEDDAGANGAPPAS/O late PEDDAGANGAPPA @ PEDDAPPA was died on 09-08-2019 in the house of the petitioner at Byrapura village, kasaba hobli, Pavagada Taluk., now the matter is set down for issue notice/ summons to all or any interested persons or legal heirs whoever got any objection over the above said death certificate may appear in this case either as respondent/ petitioners and may prosecute the same on the date of hearing i.e. 05/06/2025 you are hereby called upon to appear before this Hon'ble court at 11.00 a.m. on the said date of hearing either in person or through your counsel. If you fail to appear this court, the matter will be heard and decided exparte.
Given under my hand and seal of the court this day of 05/04/2025
SN Chinnakrishnareddy
Advocate for petitioners.
By order
CMO
PCJ & JMFC Court, Pavagada
PRINTED BY: T.S.KRISHNAMURTHY, ANJANADRI PRINTERS, 4th CROSS, VINAYAKA NAGARA,TUMAKURU-572101. KARNATAKA, PUBLISHED BY: MANJUNATHA P.N., S.L.N.BUILDING, KEMPEGOWDA ROAD, AMARAJHOTHY NAGARA, TUMKUR DISTRIK KARNATAKA. OWNED BY: MANJUNATHA. P.N., S.L.N.BUILDING, KEMPEGOWDA ROAD, AMARAJHOTHY NAGARA, TUMKUR DISTRICT. KARNATAKA.. PRNTED AT: ANJANADRI PRINTERS, 4th CROSS, VINAYAKA NAGARA, TUMAKURU-572101. KARNATAKA, PUBLISHED AT: TUMAKURU, S.L.N.BUILDING, KEMPEGOWDA ROAD, AMARAJHOTHY NAGARA, TUMKUR DISTRICT. KARNATAKA. EDITOR: MANJUNATHA P.N., S.L.N.BUILDING, KEMPEGOWDA ROAD, AMARAJHOTHY NAGARA, TUMKUR DISTRICT. KARNATAKA.
